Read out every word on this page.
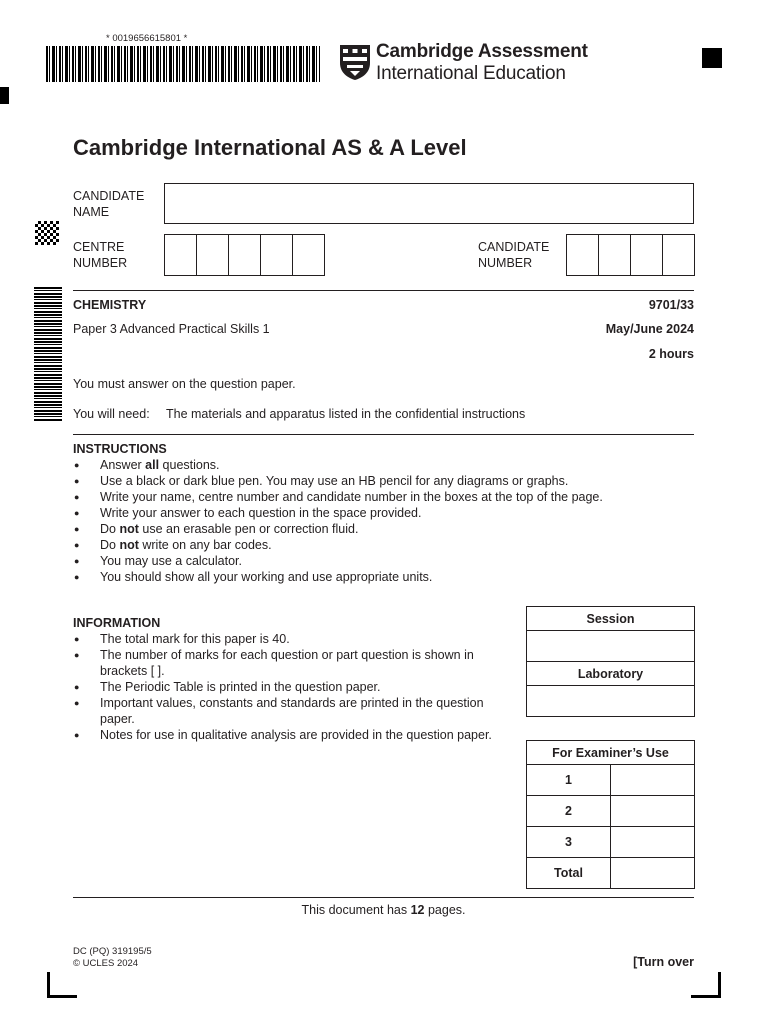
* 0019656615801 *
Cambridge Assessment
International Education
Cambridge International AS & A Level
CANDIDATE NAME
CENTRE NUMBER
CANDIDATE NUMBER
CHEMISTRY	9701/33
Paper 3 Advanced Practical Skills 1	May/June 2024
2 hours
You must answer on the question paper.
You will need: The materials and apparatus listed in the confidential instructions
INSTRUCTIONS
● Answer all questions.
● Use a black or dark blue pen. You may use an HB pencil for any diagrams or graphs.
● Write your name, centre number and candidate number in the boxes at the top of the page.
● Write your answer to each question in the space provided.
● Do not use an erasable pen or correction fluid.
● Do not write on any bar codes.
● You may use a calculator.
● You should show all your working and use appropriate units.
INFORMATION
● The total mark for this paper is 40.
● The number of marks for each question or part question is shown in brackets [ ].
● The Periodic Table is printed in the question paper.
● Important values, constants and standards are printed in the question paper.
● Notes for use in qualitative analysis are provided in the question paper.
Session

Laboratory

For Examiner’s Use	
1	
2	
3	
Total	
This document has 12 pages.
DC (PQ) 319195/5
© UCLES 2024	[Turn over
